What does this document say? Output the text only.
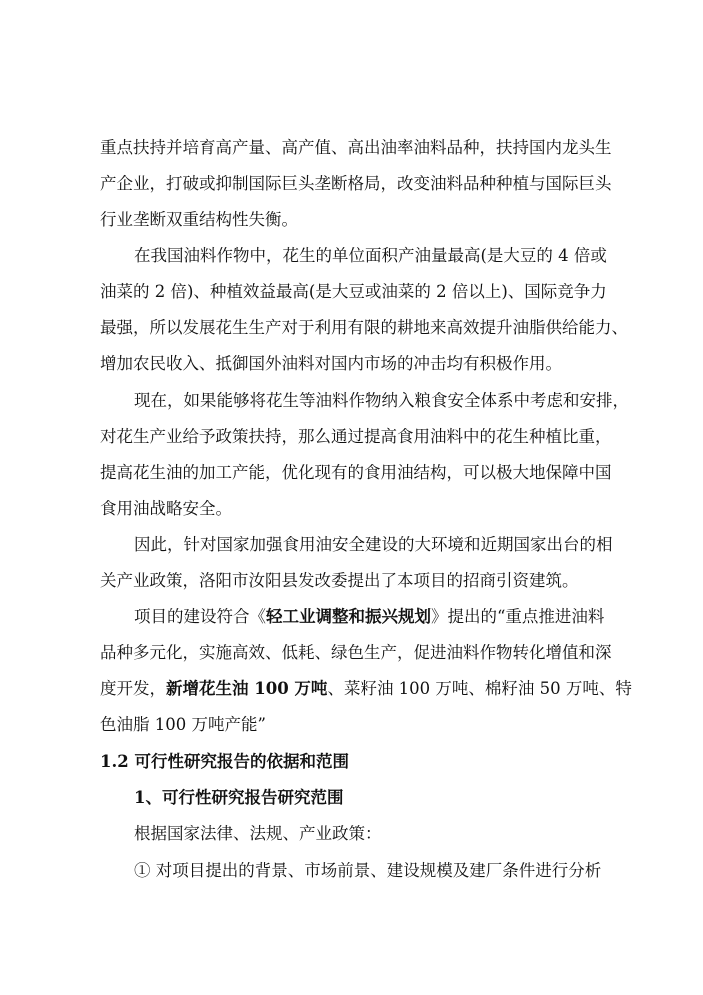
重点扶持并培育高产量、高产值、高出油率油料品种，扶持国内龙头生
产企业，打破或抑制国际巨头垄断格局，改变油料品种种植与国际巨头
行业垄断双重结构性失衡。
在我国油料作物中，花生的单位面积产油量最高(是大豆的 4 倍或
油菜的 2 倍)、种植效益最高(是大豆或油菜的 2 倍以上)、国际竞争力
最强，所以发展花生生产对于利用有限的耕地来高效提升油脂供给能力、
增加农民收入、抵御国外油料对国内市场的冲击均有积极作用。
现在，如果能够将花生等油料作物纳入粮食安全体系中考虑和安排，
对花生产业给予政策扶持，那么通过提高食用油料中的花生种植比重，
提高花生油的加工产能，优化现有的食用油结构，可以极大地保障中国
食用油战略安全。
因此，针对国家加强食用油安全建设的大环境和近期国家出台的相
关产业政策，洛阳市汝阳县发改委提出了本项目的招商引资建筑。
项目的建设符合《轻工业调整和振兴规划》提出的“重点推进油料
品种多元化，实施高效、低耗、绿色生产，促进油料作物转化增值和深
度开发，新增花生油 100 万吨、菜籽油 100 万吨、棉籽油 50 万吨、特
色油脂 100 万吨产能”
1.2 可行性研究报告的依据和范围
1、可行性研究报告研究范围
根据国家法律、法规、产业政策：
① 对项目提出的背景、市场前景、建设规模及建厂条件进行分析
